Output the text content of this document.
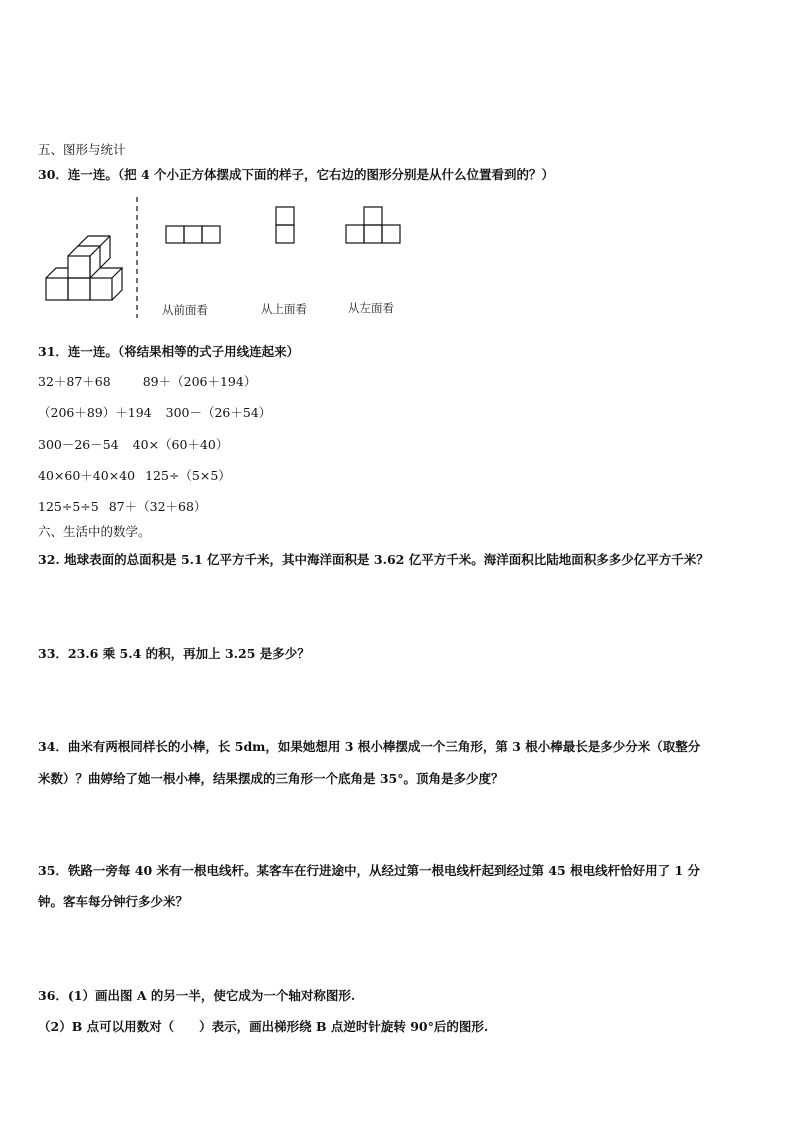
五、图形与统计
30．连一连。（把 4 个小正方体摆成下面的样子，它右边的图形分别是从什么位置看到的？）
从前面看	从上面看	从左面看
31．连一连。（将结果相等的式子用线连起来）
32＋87＋68	89＋（206＋194）
（206＋89）＋194 300－（26＋54）
300－26－54 40×（60＋40）
40×60＋40×40 125÷（5×5）
125÷5÷5 87＋（32＋68）
六、生活中的数学。
32. 地球表面的总面积是 5.1 亿平方千米，其中海洋面积是 3.62 亿平方千米。海洋面积比陆地面积多多少亿平方千米？
33．23.6 乘 5.4 的积，再加上 3.25 是多少？
34．曲米有两根同样长的小棒，长 5dm，如果她想用 3 根小棒摆成一个三角形，第 3 根小棒最长是多少分米（取整分
米数）？曲婷给了她一根小棒，结果摆成的三角形一个底角是 35°。顶角是多少度？
35．铁路一旁每 40 米有一根电线杆。某客车在行进途中，从经过第一根电线杆起到经过第 45 根电线杆恰好用了 1 分
钟。客车每分钟行多少米？
36．(1）画出图 A 的另一半，使它成为一个轴对称图形.
（2）B 点可以用数对（　　）表示，画出梯形绕 B 点逆时针旋转 90°后的图形.
